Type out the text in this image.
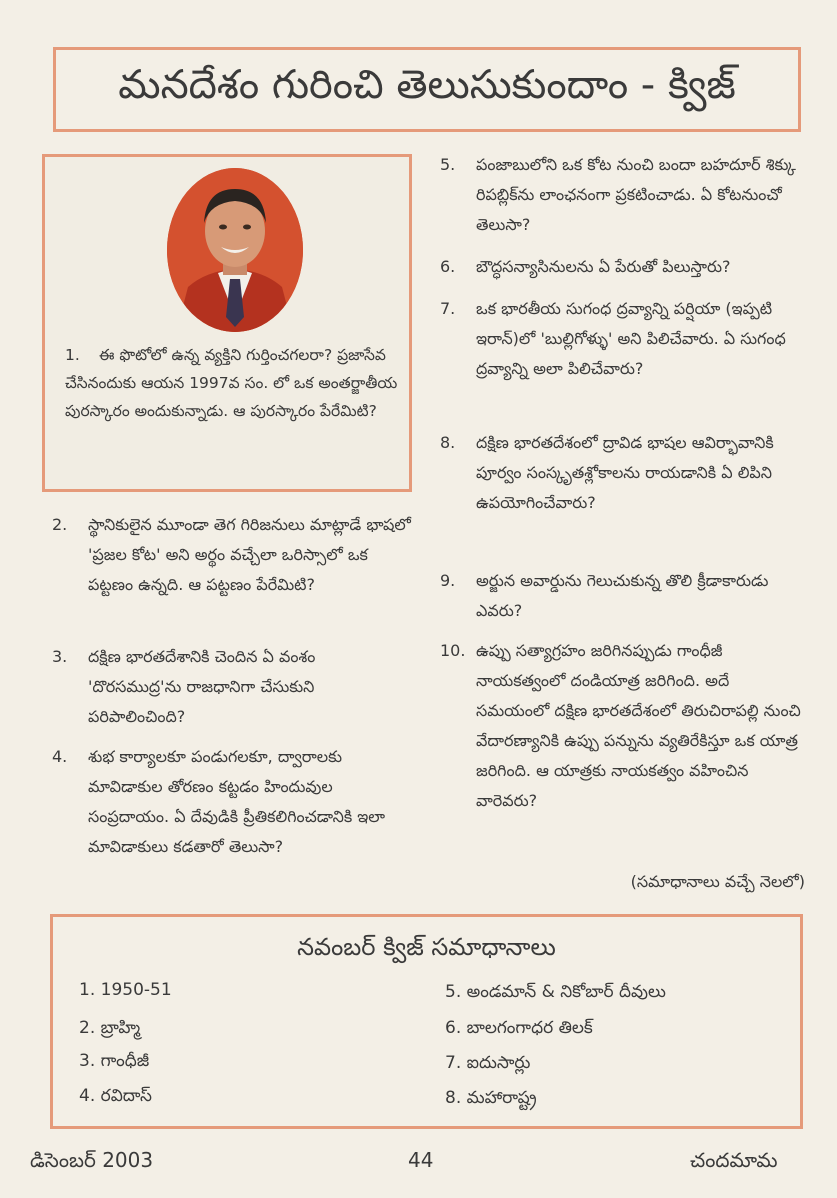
మనదేశం గురించి తెలుసుకుందాం - క్విజ్
1. ఈ ఫొటోలో ఉన్న వ్యక్తిని గుర్తించగలరా? ప్రజాసేవ చేసినందుకు ఆయన 1997వ సం. లో ఒక అంతర్జాతీయ పురస్కారం అందుకున్నాడు. ఆ పురస్కారం పేరేమిటి?
2.	స్థానికులైన మూండా తెగ గిరిజనులు మాట్లాడే భాషలో 'ప్రజల కోట' అని అర్థం వచ్చేలా ఒరిస్సాలో ఒక పట్టణం ఉన్నది. ఆ పట్టణం పేరేమిటి?
3.	దక్షిణ భారతదేశానికి చెందిన ఏ వంశం 'దొరసముద్ర'ను రాజధానిగా చేసుకుని పరిపాలించింది?
4.	శుభ కార్యాలకూ పండుగలకూ, ద్వారాలకు మావిడాకుల తోరణం కట్టడం హిందువుల సంప్రదాయం. ఏ దేవుడికి ప్రీతికలిగించడానికి ఇలా మావిడాకులు కడతారో తెలుసా?
5.	పంజాబులోని ఒక కోట నుంచి బందా బహదూర్ శిక్కు రిపబ్లిక్‌ను లాంఛనంగా ప్రకటించాడు. ఏ కోటనుంచో తెలుసా?
6.	బౌద్ధసన్యాసినులను ఏ పేరుతో పిలుస్తారు?
7.	ఒక భారతీయ సుగంధ ద్రవ్యాన్ని పర్షియా (ఇప్పటి ఇరాన్)లో 'బుల్లిగోళ్ళు' అని పిలిచేవారు. ఏ సుగంధ ద్రవ్యాన్ని అలా పిలిచేవారు?
8.	దక్షిణ భారతదేశంలో ద్రావిడ భాషల ఆవిర్భావానికి పూర్వం సంస్కృతశ్లోకాలను రాయడానికి ఏ లిపిని ఉపయోగించేవారు?
9.	అర్జున అవార్డును గెలుచుకున్న తొలి క్రీడాకారుడు ఎవరు?
10. ఉప్పు సత్యాగ్రహం జరిగినప్పుడు గాంధీజీ నాయకత్వంలో దండియాత్ర జరిగింది. అదే సమయంలో దక్షిణ భారతదేశంలో తిరుచిరాపల్లి నుంచి వేదారణ్యానికి ఉప్పు పన్నును వ్యతిరేకిస్తూ ఒక యాత్ర జరిగింది. ఆ యాత్రకు నాయకత్వం వహించిన వారెవరు?
(సమాధానాలు వచ్చే నెలలో)
నవంబర్ క్విజ్ సమాధానాలు
1. 1950-51
2. బ్రాహ్మి
3. గాంధీజీ
4. రవిదాస్
5. అండమాన్ & నికోబార్ దీవులు
6. బాలగంగాధర తిలక్
7. ఐదుసార్లు
8. మహారాష్ట్ర
డిసెంబర్ 2003	44	చందమామ
